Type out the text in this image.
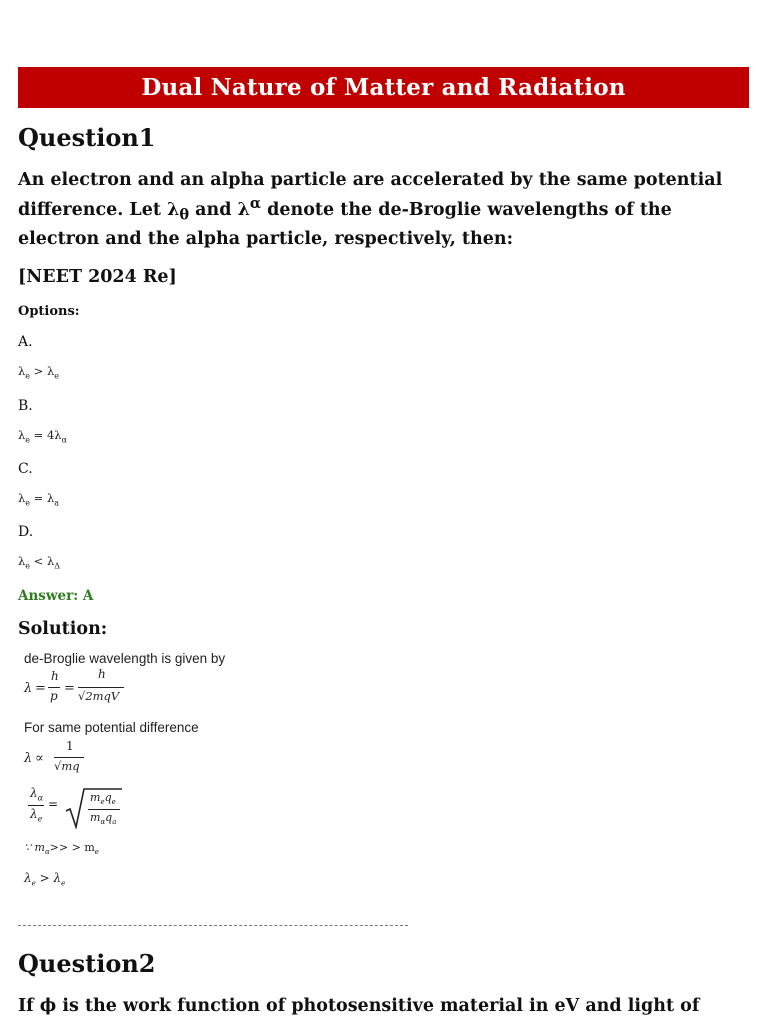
Dual Nature of Matter and Radiation
Question1
An electron and an alpha particle are accelerated by the same potential difference. Let $\lambda_\theta$ and $\lambda^\alpha$ denote the de-Broglie wavelengths of the electron and the alpha particle, respectively, then:
[NEET 2024 Re]
Options:
A.
$\lambda_e > \lambda_e$
B.
$\lambda_e = 4\lambda_\alpha$
C.
$\lambda_e = \lambda_a$
D.
$\lambda_e < \lambda_\Delta$
Answer: A
Solution:
de-Broglie wavelength is given by
λ =
h
p =
h
√2mqV
For same potential difference
λ ∝
1
√mq
$\lambda_\alpha$
$\lambda_e$
=	$m_eq_e$
$m_\alpha q_a$
∵ $m_\alpha>> > m_e$
$\lambda_e > \lambda_e$
Question2
If ϕ is the work function of photosensitive material in eV and light of
